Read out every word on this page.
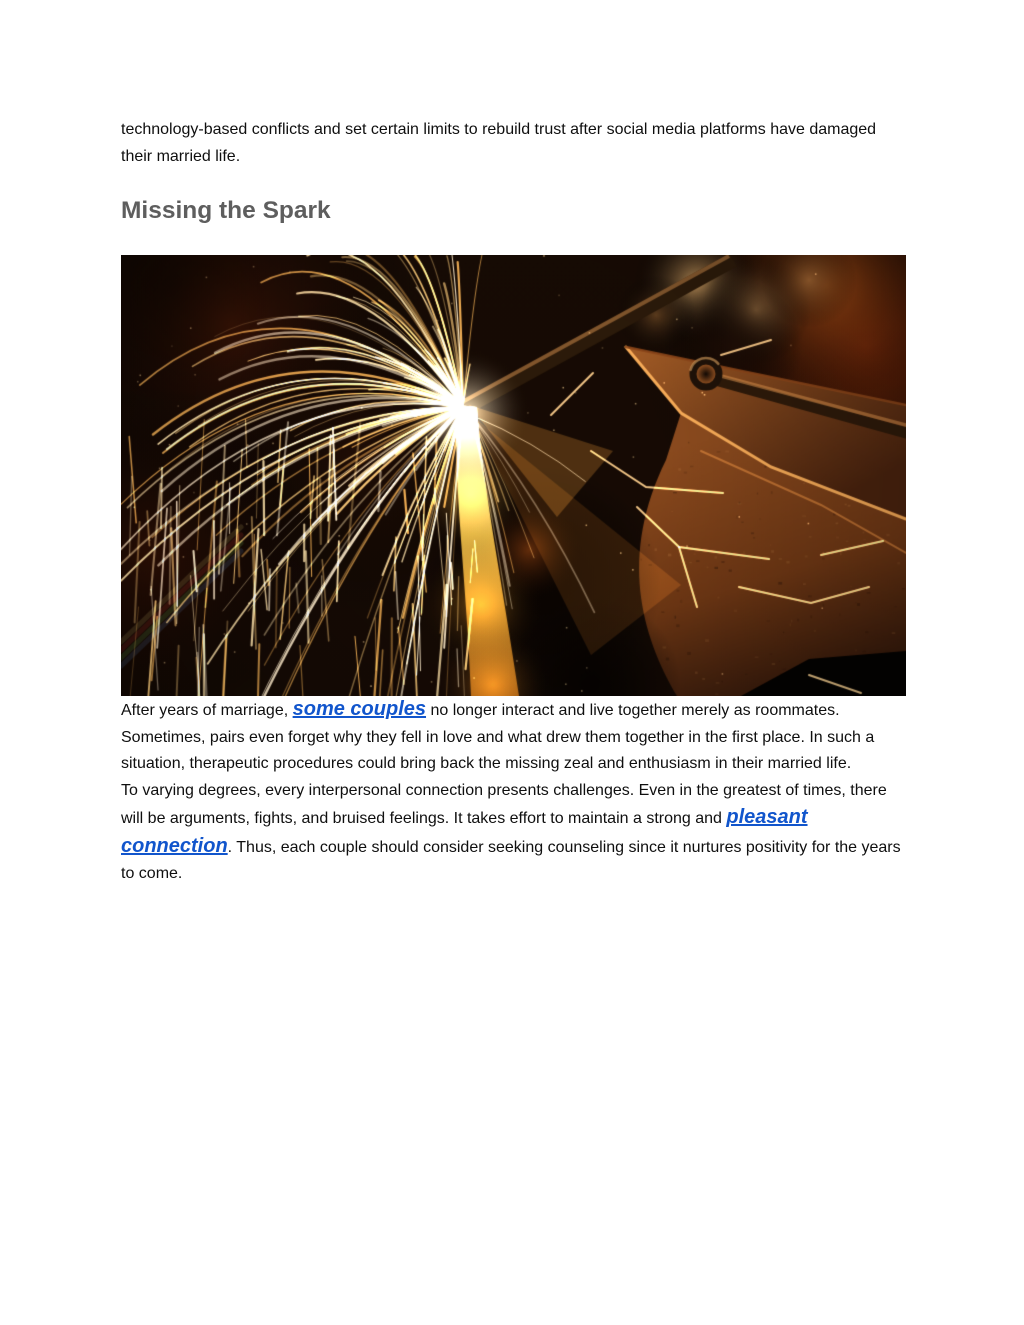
technology-based conflicts and set certain limits to rebuild trust after social media platforms have damaged their married life.

Missing the Spark

After years of marriage, some couples no longer interact and live together merely as roommates. Sometimes, pairs even forget why they fell in love and what drew them together in the first place. In such a situation, therapeutic procedures could bring back the missing zeal and enthusiasm in their married life.

To varying degrees, every interpersonal connection presents challenges. Even in the greatest of times, there will be arguments, fights, and bruised feelings. It takes effort to maintain a strong and pleasant connection. Thus, each couple should consider seeking counseling since it nurtures positivity for the years to come.
